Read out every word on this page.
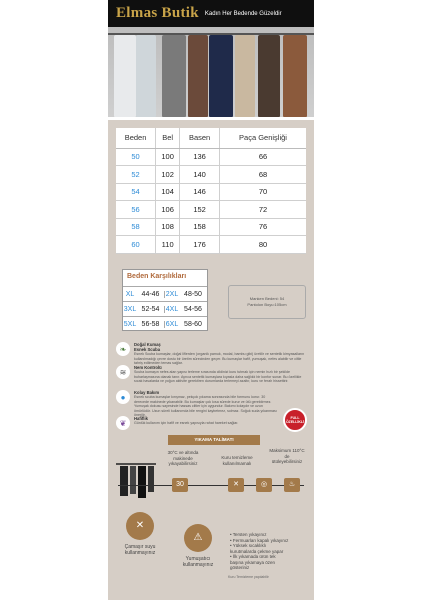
Elmas Butik Kadın Her Bedende Güzeldir
Beden	Bel	Basen	Paça Genişliği
50	100	136	66
52	102	140	68
54	104	146	70
56	106	152	72
58	108	158	76
60	110	176	80
Beden Karşılıkları
XL	44-46 2XL 48-50
3XL 52-54 4XL 54-56
5XL 56-58 6XL 58-60
Manken Bedeni: 54
Pantolon Boyu:105cm
❧	Doğal Kumaş
Esnek Scuba
Esnek Scuba kumaşlar, doğal liflerden (organik pamuk, modal, bambu gibi) üretilir ve sentetik kimyasalların kullanılmadığı çevre dostu bir üretim sürecinden geçer. Bu kumaşlar hafif, yumuşak, nefes alabilir ve ciltle tahriş edilmeden temas sağlar.
≋	Nem Kontrolü
Scuba kumaşın nefes alan yapısı terleme sırasında cildinizi kuru tutmak için nemin hızlı bir şekilde buharlaşmasına olanak tanır. Ayrıca sentetik kumaşlara kıyasla daha sağlıklı bir konfor sunar. Bu özellikle sıcak havalarda ve yoğun aktivite gerektiren durumlarda terlemeyi azaltır, kuru ve ferah hissettirir.
●	Kolay Bakım
Esnek scuba kumaşlar kırışmaz, pekçok yıkama sonrasında bile formunu korur. 30 derecede makinede yıkanabilir. Bu kumaşlar çok kısa sürede kurur ve ütü gerektirmez. Yumuşak dokusu sayesinde hassas ciltler için uygundur. Bakımı kolaydır ve uzun ömürlüdür. Uzun süreli kullanımda bile rengini kaybetmez, solmaz. Soğuk suda yıkanması önerilir.
❦	Hafiflik
Günlük kullanım için hafif ve esnek yapısıyla rahat hareket sağlar.
FULL ÖZELLİKLİ
YIKAMA TALİMATI
30°C ve altında
makinede
yıkayabilirsiniz
Kuru temizleme
kullanılmamalı
Maksimum 110°C
de
ütüleyebilirsiniz
30	✕	◎	♨
✕
Çamaşır suyu
kullanmayınız
⚠
Yumuşatıcı
kullanmayınız
• Tersten yıkayınız
• Fermuarları kapalı yıkayınız
• Yüksek sıcaklıklı
kurutmalarda çekme yapar
• İlk yıkamada ürün tek
başına yıkamaya özen
gösteriniz
Kuru Temizleme yapılabilir
